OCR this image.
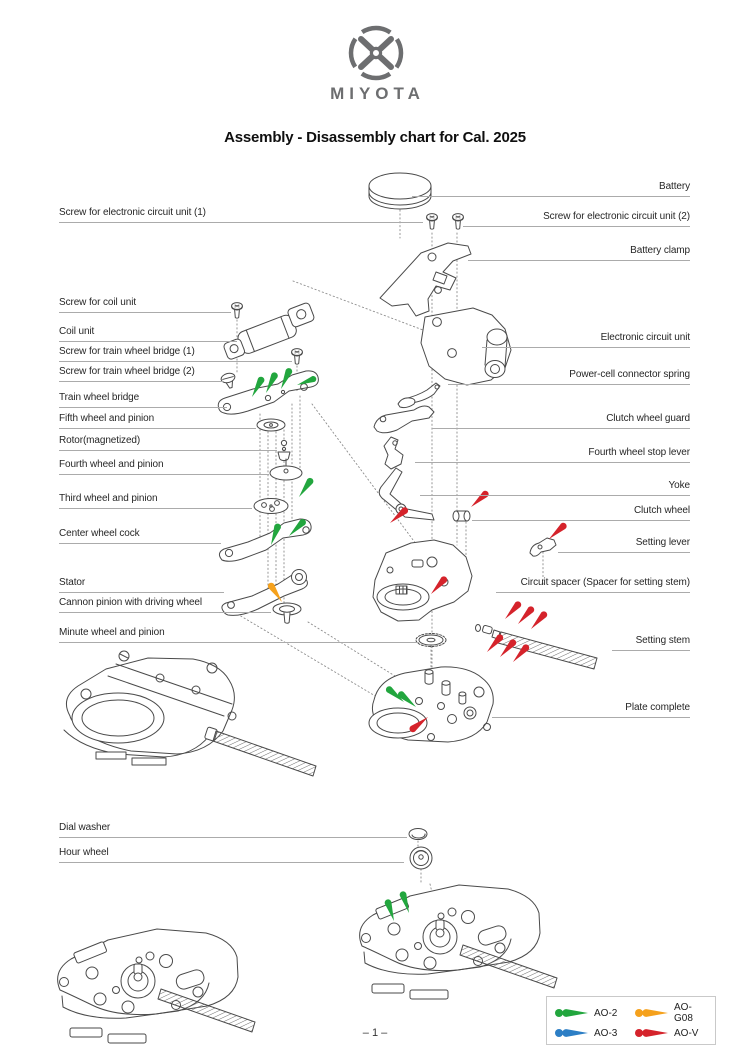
MIYOTA
Assembly - Disassembly chart for Cal. 2025
Screw for electronic circuit unit (1)
Screw for coil unit
Coil unit
Screw for train wheel bridge (1)
Screw for train wheel bridge (2)
Train wheel bridge
Fifth wheel and pinion
Rotor(magnetized)
Fourth wheel and pinion
Third wheel and pinion
Center wheel cock
Stator
Cannon pinion with driving wheel
Minute wheel and pinion
Dial washer
Hour wheel
Battery
Screw for electronic circuit unit (2)
Battery clamp
Electronic circuit unit
Power-cell connector spring
Clutch wheel guard
Fourth wheel stop lever
Yoke
Clutch wheel
Setting lever
Circuit spacer (Spacer for setting stem)
Setting stem
Plate complete
AO-2	AO-G08
AO-3	AO-V
– 1 –
